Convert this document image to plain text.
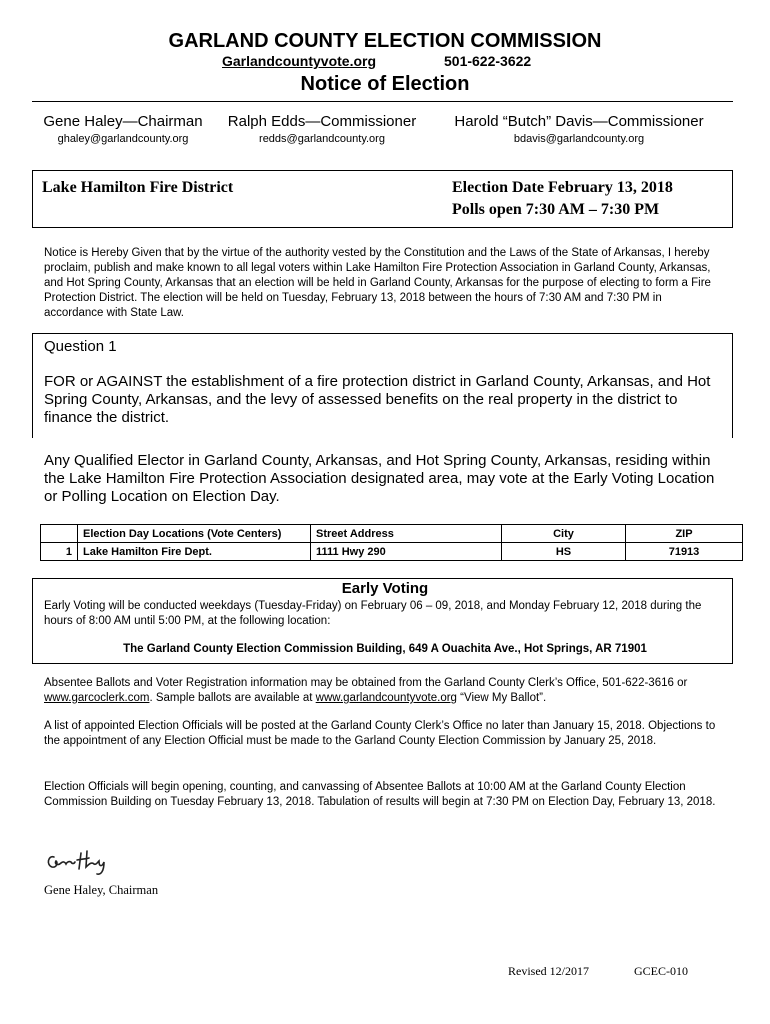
GARLAND COUNTY ELECTION COMMISSION
Garlandcountyvote.org	501-622-3622
Notice of Election
Gene Haley—Chairman
ghaley@garlandcounty.org
Ralph Edds—Commissioner
redds@garlandcounty.org
Harold “Butch” Davis—Commissioner
bdavis@garlandcounty.org
Lake Hamilton Fire District	Election Date February 13, 2018
Polls open 7:30 AM – 7:30 PM
Notice is Hereby Given that by the virtue of the authority vested by the Constitution and the Laws of the State of Arkansas, I hereby proclaim, publish and make known to all legal voters within Lake Hamilton Fire Protection Association in Garland County, Arkansas, and Hot Spring County, Arkansas that an election will be held in Garland County, Arkansas for the purpose of electing to form a Fire Protection District. The election will be held on Tuesday, February 13, 2018 between the hours of 7:30 AM and 7:30 PM in accordance with State Law.
Question 1
FOR or AGAINST the establishment of a fire protection district in Garland County, Arkansas, and Hot Spring County, Arkansas, and the levy of assessed benefits on the real property in the district to finance the district.
Any Qualified Elector in Garland County, Arkansas, and Hot Spring County, Arkansas, residing within the Lake Hamilton Fire Protection Association designated area, may vote at the Early Voting Location or Polling Location on Election Day.
	Election Day Locations (Vote Centers)	Street Address	City	ZIP
1	Lake Hamilton Fire Dept.	1111 Hwy 290	HS	71913
Early Voting
Early Voting will be conducted weekdays (Tuesday-Friday) on February 06 – 09, 2018, and Monday February 12, 2018 during the hours of 8:00 AM until 5:00 PM, at the following location:
The Garland County Election Commission Building, 649 A Ouachita Ave., Hot Springs, AR 71901
Absentee Ballots and Voter Registration information may be obtained from the Garland County Clerk’s Office, 501-622-3616 or www.garcoclerk.com. Sample ballots are available at www.garlandcountyvote.org “View My Ballot”.
A list of appointed Election Officials will be posted at the Garland County Clerk’s Office no later than January 15, 2018. Objections to the appointment of any Election Official must be made to the Garland County Election Commission by January 25, 2018.
Election Officials will begin opening, counting, and canvassing of Absentee Ballots at 10:00 AM at the Garland County Election Commission Building on Tuesday February 13, 2018. Tabulation of results will begin at 7:30 PM on Election Day, February 13, 2018.
Gene Haley, Chairman
Revised 12/2017	GCEC-010
